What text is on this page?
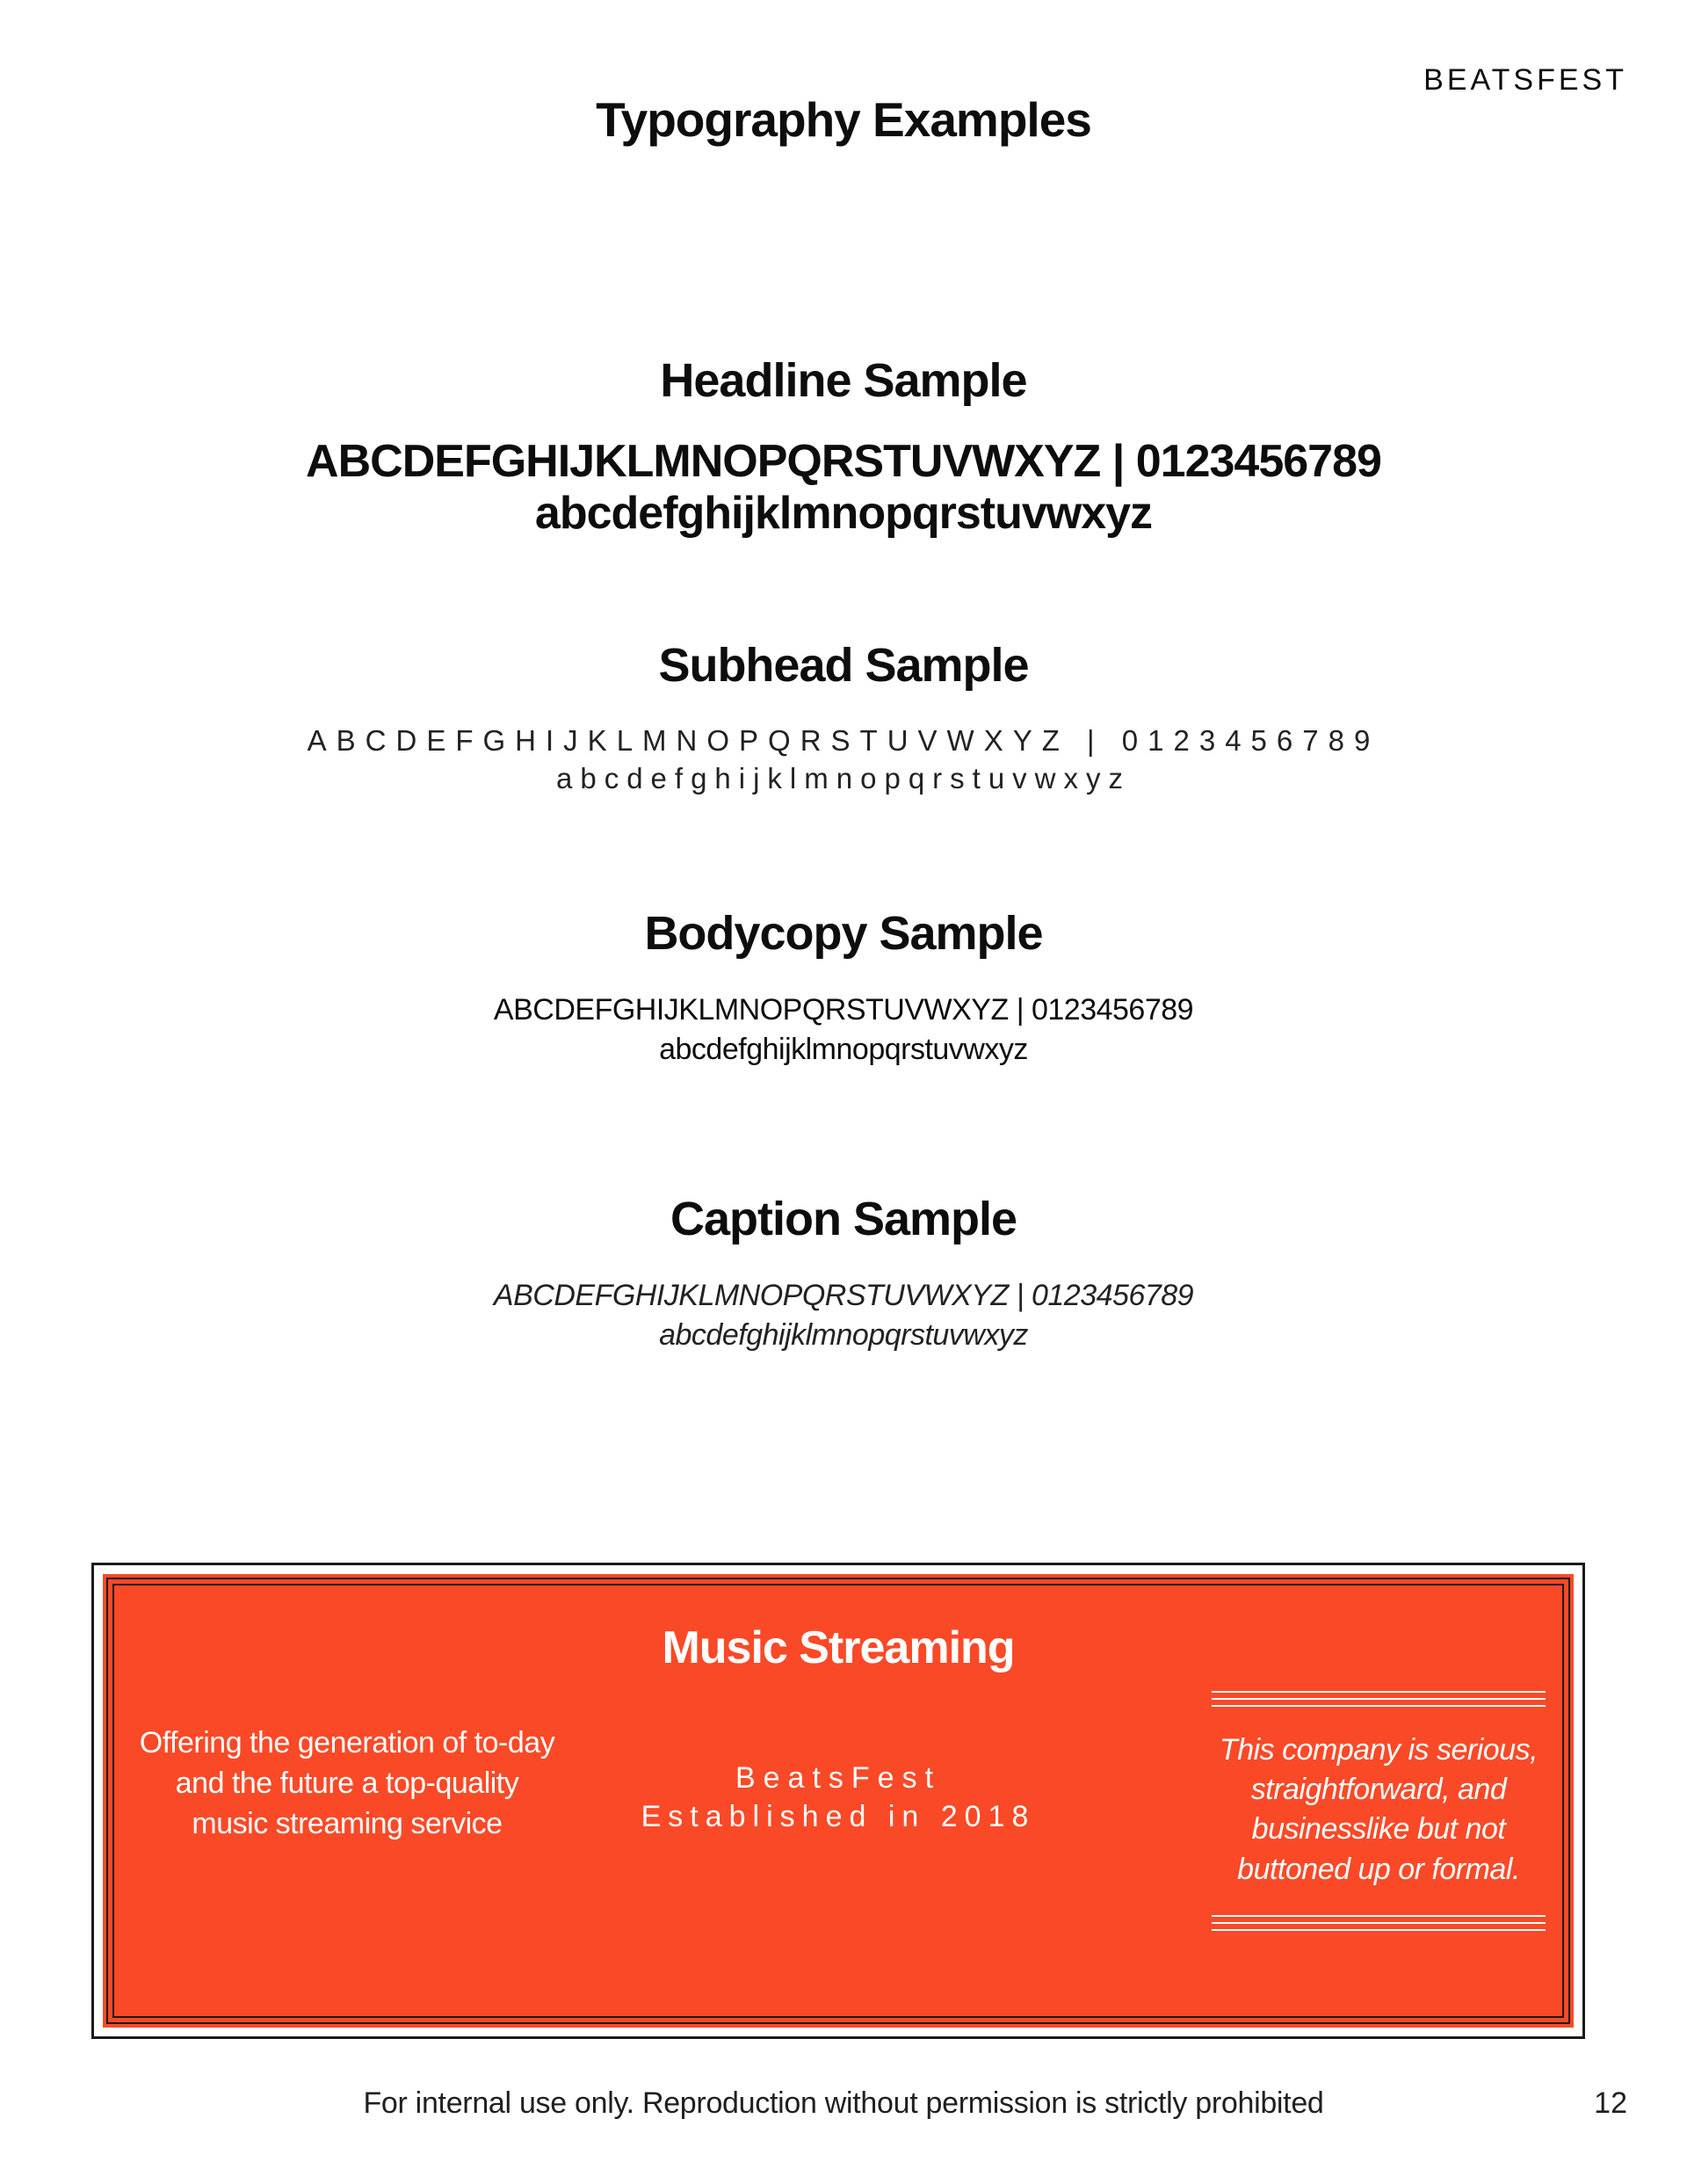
BEATSFEST
Typography Examples
Headline Sample
ABCDEFGHIJKLMNOPQRSTUVWXYZ | 0123456789
abcdefghijklmnopqrstuvwxyz
Subhead Sample
ABCDEFGHIJKLMNOPQRSTUVWXYZ | 0123456789
abcdefghijklmnopqrstuvwxyz
Bodycopy Sample
ABCDEFGHIJKLMNOPQRSTUVWXYZ | 0123456789
abcdefghijklmnopqrstuvwxyz
Caption Sample
ABCDEFGHIJKLMNOPQRSTUVWXYZ | 0123456789
abcdefghijklmnopqrstuvwxyz
Music Streaming
Offering the generation of to-day and the future a top-quality music streaming service
BeatsFest
Established in 2018
This company is serious, straightforward, and businesslike but not buttoned up or formal.
For internal use only. Reproduction without permission is strictly prohibited	12
